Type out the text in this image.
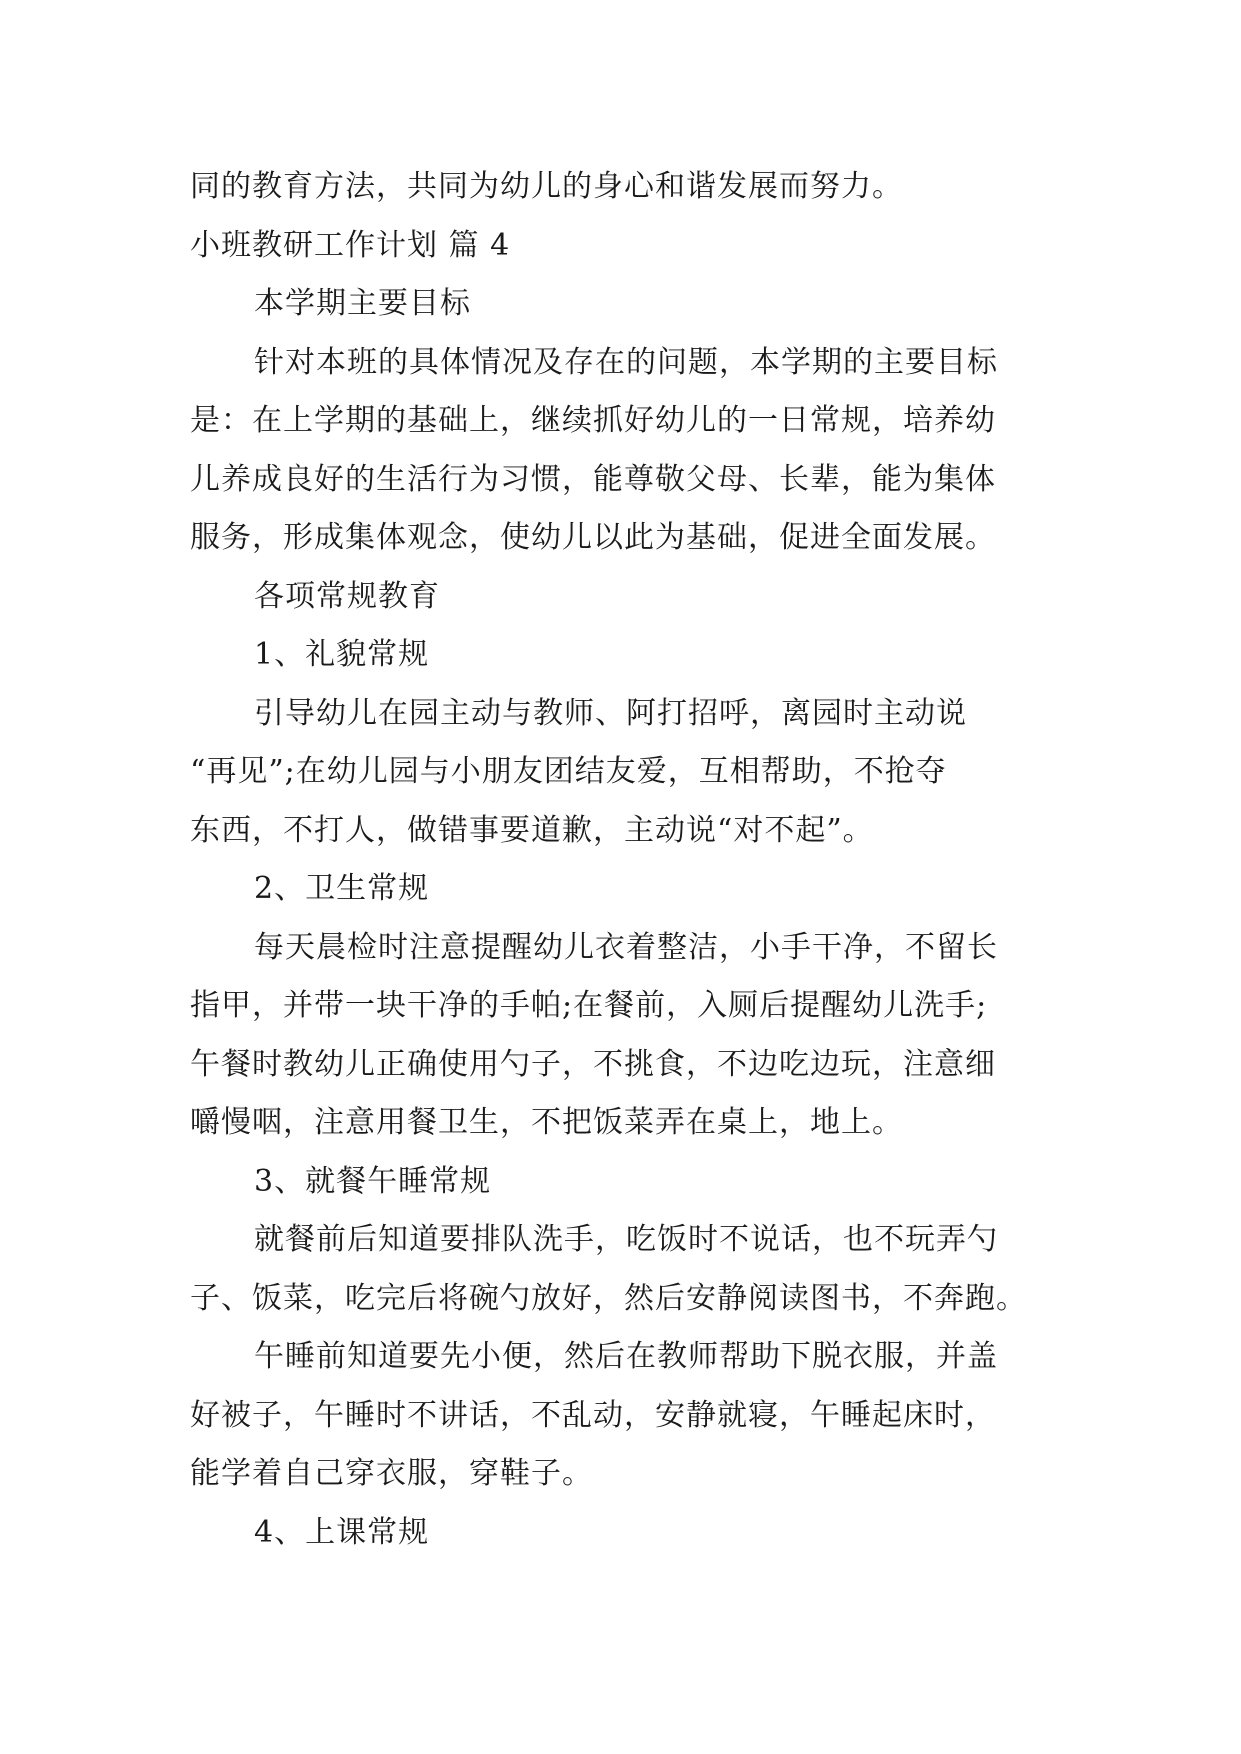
同的教育方法，共同为幼儿的身心和谐发展而努力。
小班教研工作计划 篇 4
本学期主要目标
针对本班的具体情况及存在的问题，本学期的主要目标
是：在上学期的基础上，继续抓好幼儿的一日常规，培养幼
儿养成良好的生活行为习惯，能尊敬父母、长辈，能为集体
服务，形成集体观念，使幼儿以此为基础，促进全面发展。
各项常规教育
1、礼貌常规
引导幼儿在园主动与教师、阿打招呼，离园时主动说
“再见”;在幼儿园与小朋友团结友爱，互相帮助，不抢夺
东西，不打人，做错事要道歉，主动说“对不起”。
2、卫生常规
每天晨检时注意提醒幼儿衣着整洁，小手干净，不留长
指甲，并带一块干净的手帕;在餐前，入厕后提醒幼儿洗手;
午餐时教幼儿正确使用勺子，不挑食，不边吃边玩，注意细
嚼慢咽，注意用餐卫生，不把饭菜弄在桌上，地上。
3、就餐午睡常规
就餐前后知道要排队洗手，吃饭时不说话，也不玩弄勺
子、饭菜，吃完后将碗勺放好，然后安静阅读图书，不奔跑。
午睡前知道要先小便，然后在教师帮助下脱衣服，并盖
好被子，午睡时不讲话，不乱动，安静就寝，午睡起床时，
能学着自己穿衣服，穿鞋子。
4、上课常规
